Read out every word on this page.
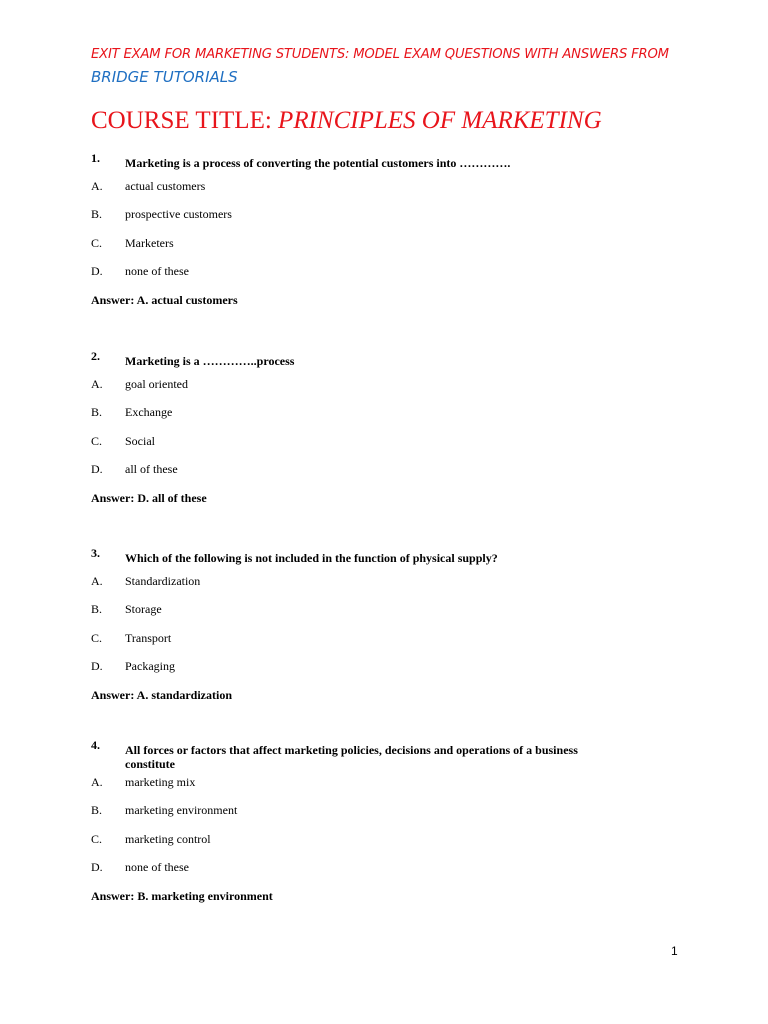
EXIT EXAM FOR MARKETING STUDENTS: MODEL EXAM QUESTIONS WITH ANSWERS FROM
BRIDGE TUTORIALS
COURSE TITLE: PRINCIPLES OF MARKETING
1. Marketing is a process of converting the potential customers into ………….
A. actual customers
B. prospective customers
C. Marketers
D. none of these
Answer: A. actual customers
2. Marketing is a …………..process
A. goal oriented
B. Exchange
C. Social
D. all of these
Answer: D. all of these
3. Which of the following is not included in the function of physical supply?
A. Standardization
B. Storage
C. Transport
D. Packaging
Answer: A. standardization
4. All forces or factors that affect marketing policies, decisions and operations of a business constitute
A. marketing mix
B. marketing environment
C. marketing control
D. none of these
Answer: B. marketing environment
1
